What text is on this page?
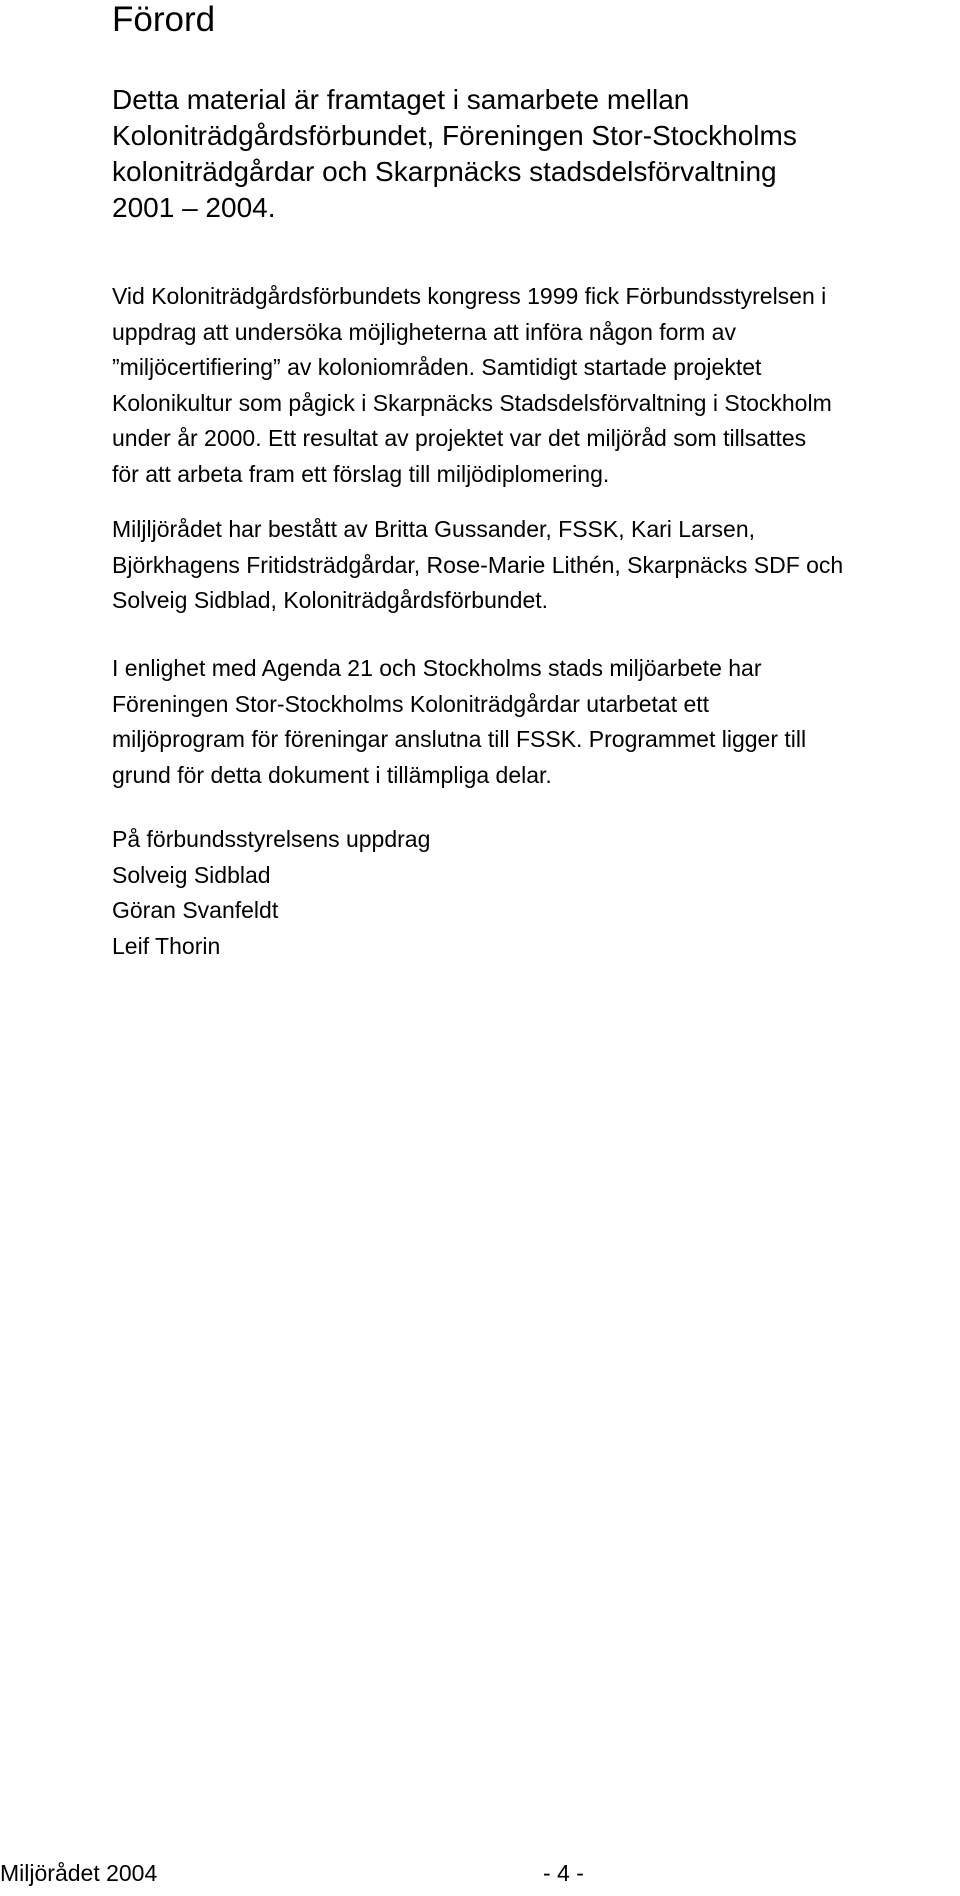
Förord

Detta material är framtaget i samarbete mellan
Koloniträdgårdsförbundet, Föreningen Stor-Stockholms
koloniträdgårdar och Skarpnäcks stadsdelsförvaltning
2001 – 2004.

Vid Koloniträdgårdsförbundets kongress 1999 fick Förbundsstyrelsen i
uppdrag att undersöka möjligheterna att införa någon form av
”miljöcertifiering” av koloniområden. Samtidigt startade projektet
Kolonikultur som pågick i Skarpnäcks Stadsdelsförvaltning i Stockholm
under år 2000. Ett resultat av projektet var det miljöråd som tillsattes
för att arbeta fram ett förslag till miljödiplomering.

Miljljörådet har bestått av Britta Gussander, FSSK, Kari Larsen,
Björkhagens Fritidsträdgårdar, Rose-Marie Lithén, Skarpnäcks SDF och
Solveig Sidblad, Koloniträdgårdsförbundet.

I enlighet med Agenda 21 och Stockholms stads miljöarbete har
Föreningen Stor-Stockholms Koloniträdgårdar utarbetat ett
miljöprogram för föreningar anslutna till FSSK. Programmet ligger till
grund för detta dokument i tillämpliga delar.

På förbundsstyrelsens uppdrag
Solveig Sidblad
Göran Svanfeldt
Leif Thorin

Miljörådet 2004	- 4 -
